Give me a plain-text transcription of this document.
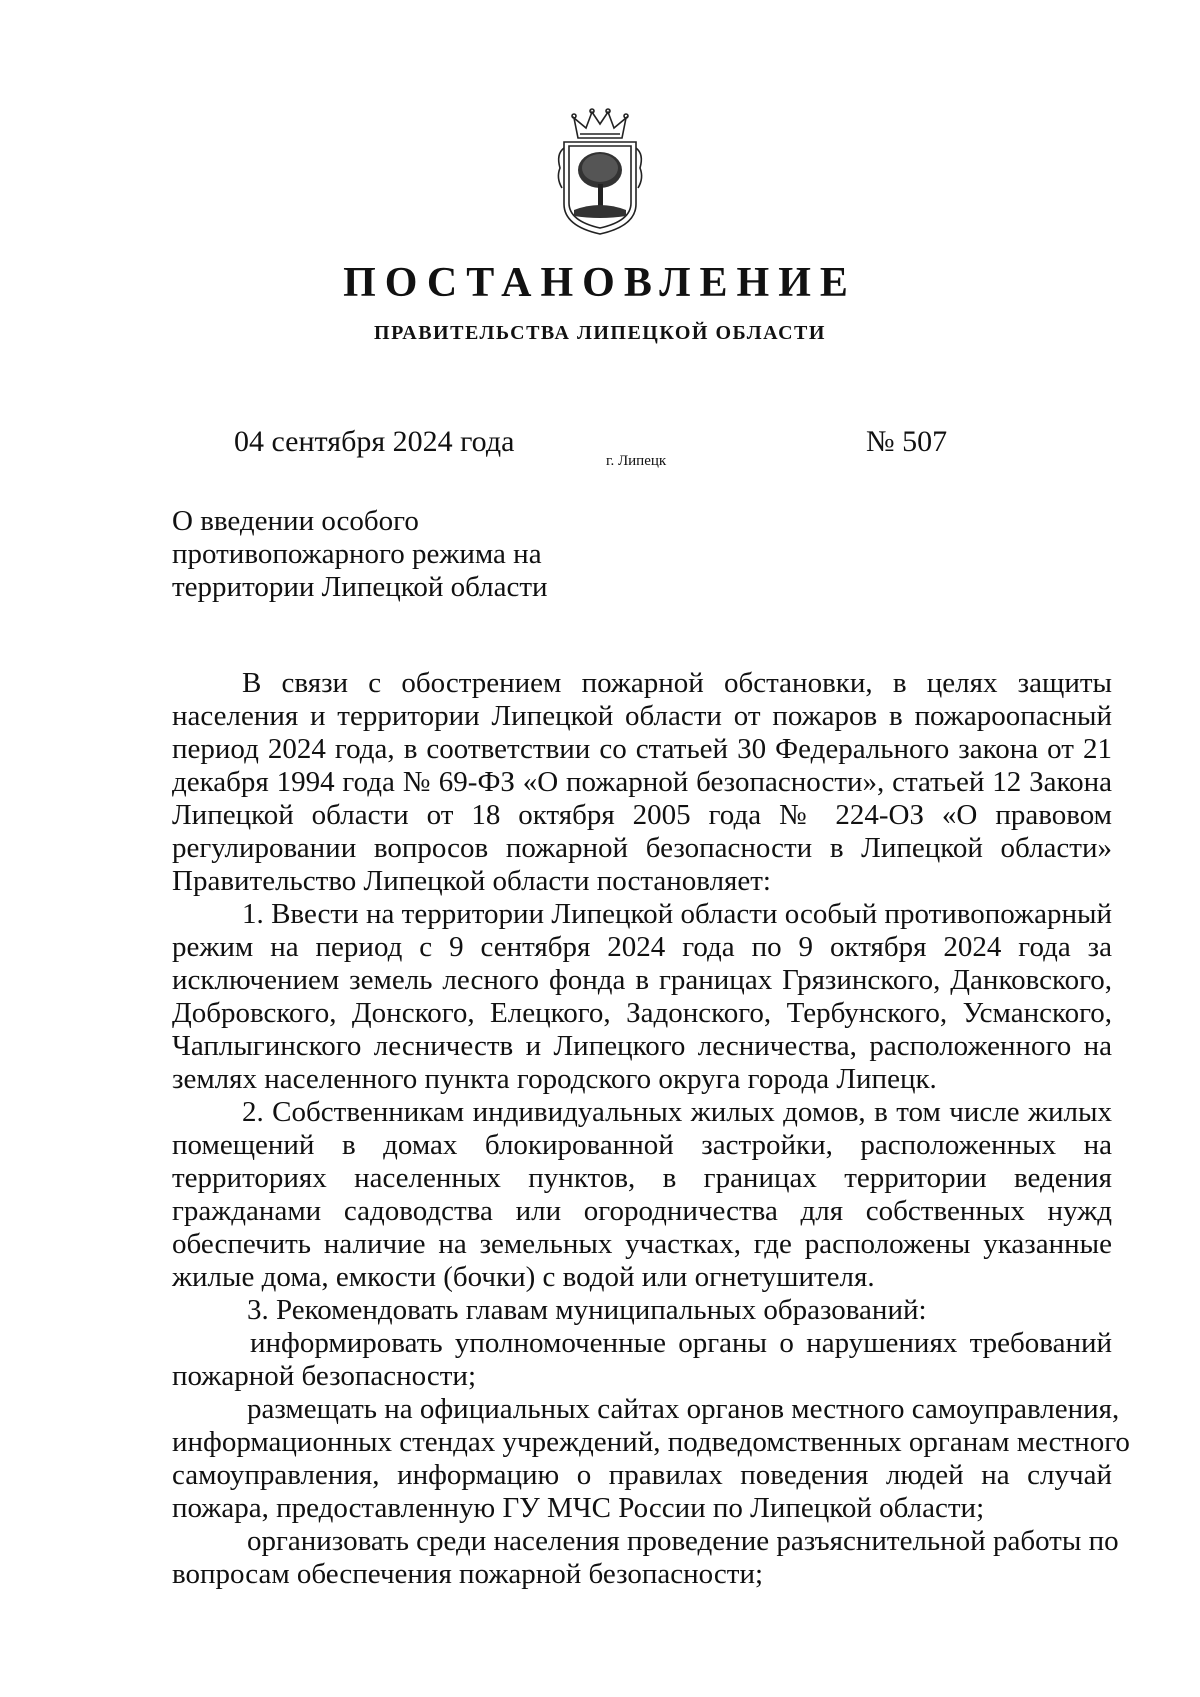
ПОСТАНОВЛЕНИЕ
ПРАВИТЕЛЬСТВА ЛИПЕЦКОЙ ОБЛАСТИ
04 сентября 2024 года
г. Липецк
№ 507
О введении особого
противопожарного режима на
территории Липецкой области
В связи с обострением пожарной обстановки, в целях защиты
населения и территории Липецкой области от пожаров в пожароопасный
период 2024 года, в соответствии со статьей 30 Федерального закона от 21
декабря 1994 года № 69-ФЗ «О пожарной безопасности», статьей 12 Закона
Липецкой области от 18 октября 2005 года № 224-ОЗ «О правовом
регулировании вопросов пожарной безопасности в Липецкой области»
Правительство Липецкой области постановляет:
1. Ввести на территории Липецкой области особый противопожарный
режим на период с 9 сентября 2024 года по 9 октября 2024 года за
исключением земель лесного фонда в границах Грязинского, Данковского,
Добровского, Донского, Елецкого, Задонского, Тербунского, Усманского,
Чаплыгинского лесничеств и Липецкого лесничества, расположенного на
землях населенного пункта городского округа города Липецк.
2. Собственникам индивидуальных жилых домов, в том числе жилых
помещений в домах блокированной застройки, расположенных на
территориях населенных пунктов, в границах территории ведения
гражданами садоводства или огородничества для собственных нужд
обеспечить наличие на земельных участках, где расположены указанные
жилые дома, емкости (бочки) с водой или огнетушителя.
3. Рекомендовать главам муниципальных образований:
информировать уполномоченные органы о нарушениях требований
пожарной безопасности;
размещать на официальных сайтах органов местного самоуправления,
информационных стендах учреждений, подведомственных органам местного
самоуправления, информацию о правилах поведения людей на случай
пожара, предоставленную ГУ МЧС России по Липецкой области;
организовать среди населения проведение разъяснительной работы по
вопросам обеспечения пожарной безопасности;
